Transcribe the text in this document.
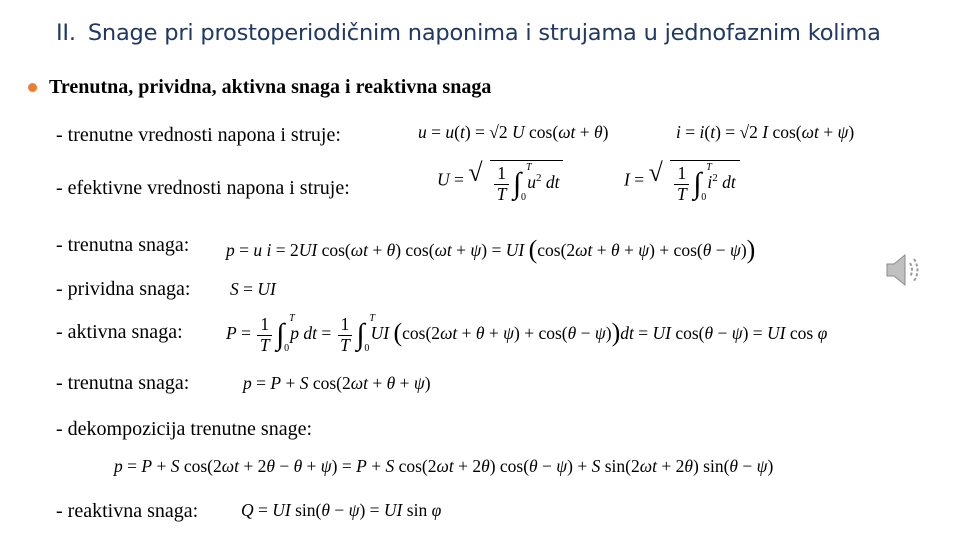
II. Snage pri prostoperiodičnim naponima i strujama u jednofaznim kolima
Trenutna, prividna, aktivna snaga i reaktivna snaga
- trenutne vrednosti napona i struje:
- efektivne vrednosti napona i struje:
- trenutna snaga:
- prividna snaga:
- aktivna snaga:
- trenutna snaga:
- dekompozicija trenutne snage:
- reaktivna snaga:
u = u(t) = √2 U cos(ωt + θ)	i = i(t) = √2 I cos(ωt + ψ)
U = √ $\frac{1}{T}$ ∫ T
0
$u^2$ dt	I = √ $\frac{1}{T}$ ∫ T
0
$i^2$ dt
p = u i = 2UI cos(ωt + θ) cos(ωt + ψ) = UI (cos(2ωt + θ + ψ) + cos(θ − ψ))
S = UI
$P = \frac{1}{T}$ ∫ T
0
p dt = $\frac{1}{T}$ ∫ T
0
UI (cos(2ωt + θ + ψ) + cos(θ − ψ))dt = UI cos(θ − ψ) = UI cos φ
p = P + S cos(2ωt + θ + ψ)
p = P + S cos(2ωt + 2θ − θ + ψ) = P + S cos(2ωt + 2θ) cos(θ − ψ) + S sin(2ωt + 2θ) sin(θ − ψ)
Q = UI sin(θ − ψ) = UI sin φ
